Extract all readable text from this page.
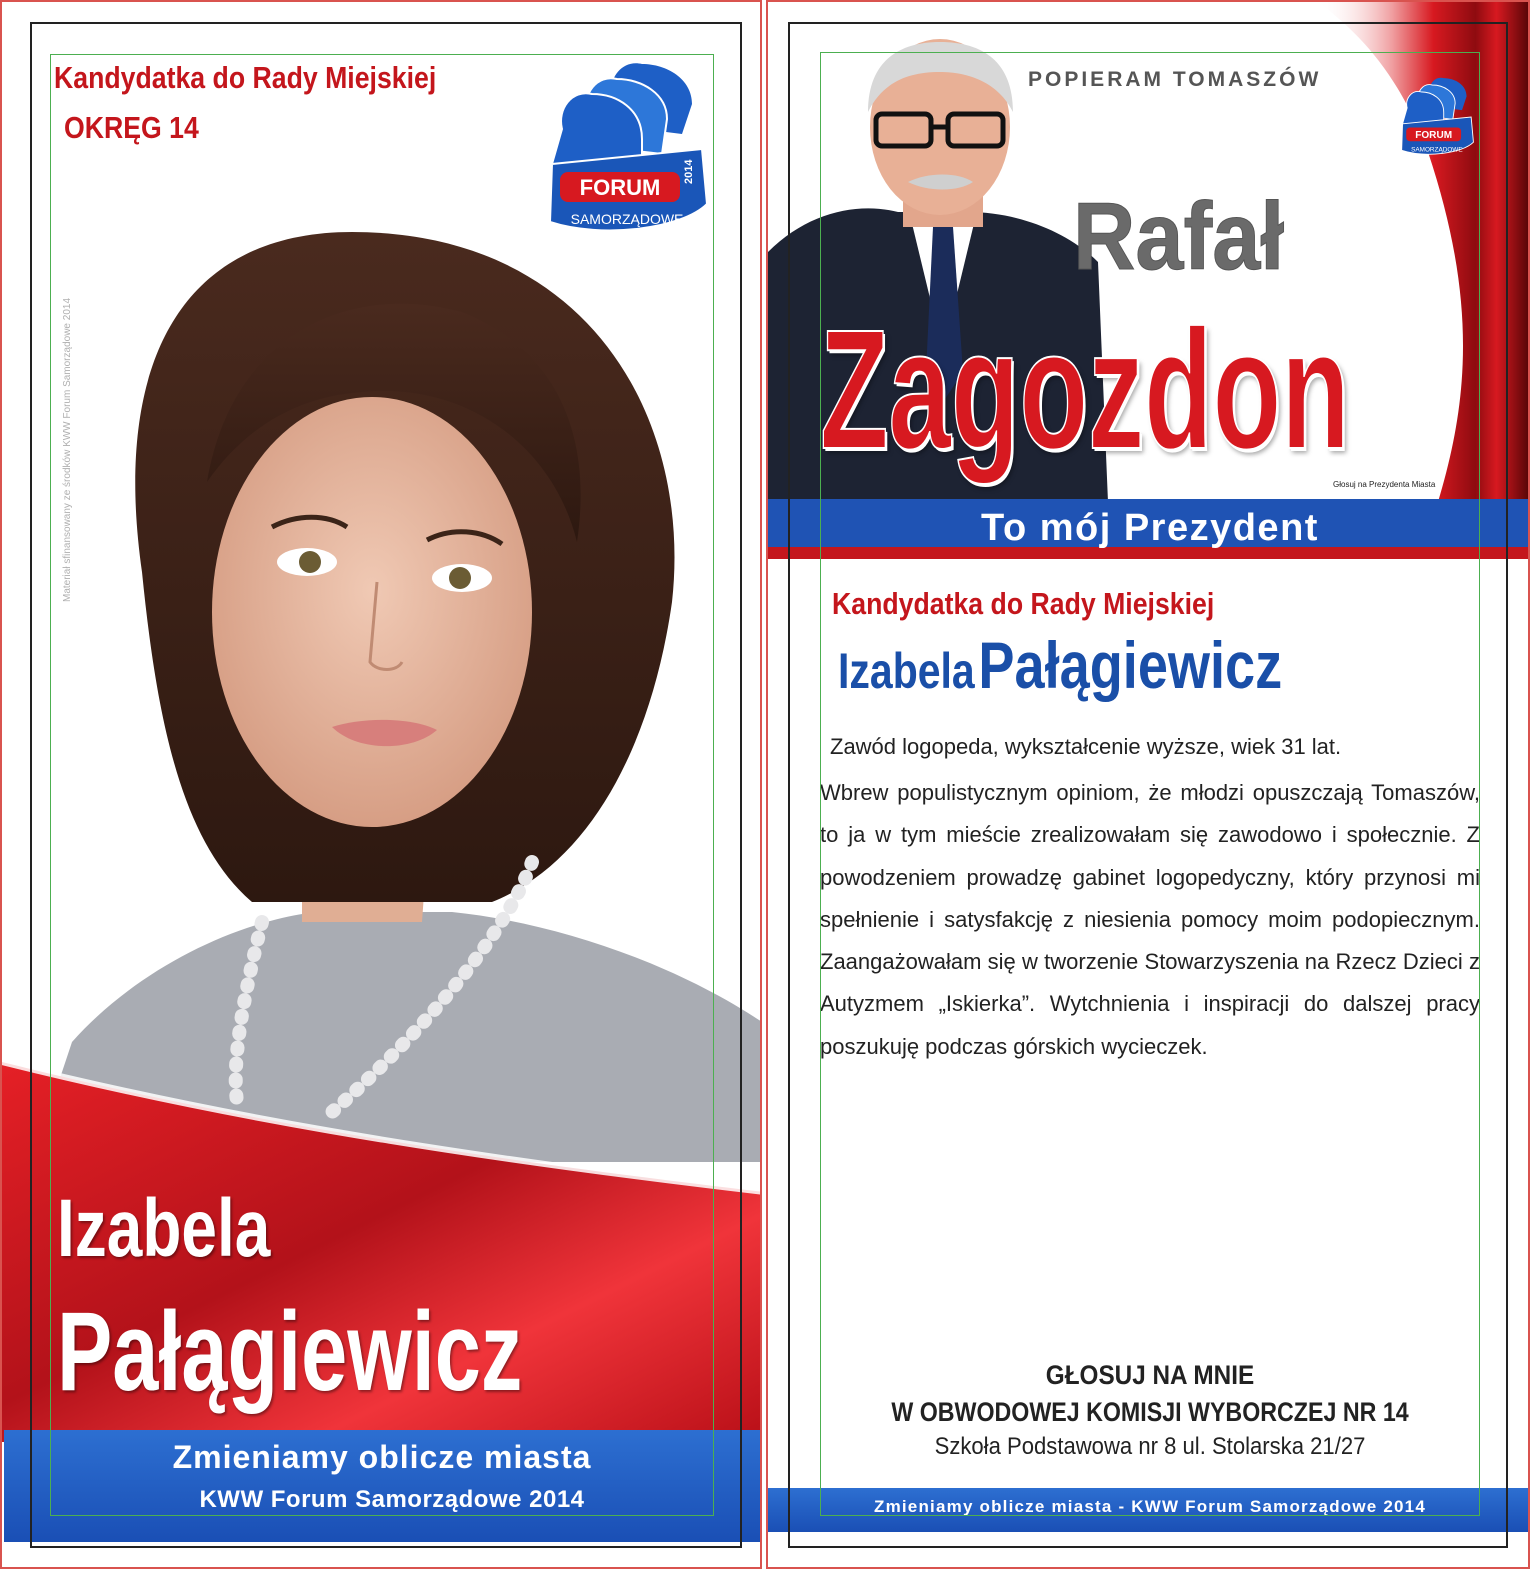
Kandydatka do Rady Miejskiej
OKRĘG 14
FORUM
SAMORZĄDOWE
2014
Materiał sfinansowany ze środków KWW Forum Samorządowe 2014
Izabela
Pałągiewicz
Zmieniamy oblicze miasta
KWW Forum Samorządowe 2014
POPIERAM TOMASZÓW
FORUM
SAMORZĄDOWE
Rafał
Zagozdon
Głosuj na Prezydenta Miasta
To mój Prezydent
Kandydatka do Rady Miejskiej
Izabela Pałągiewicz
Zawód logopeda, wykształcenie wyższe, wiek 31 lat.
Wbrew populistycznym opiniom, że młodzi opuszczają Tomaszów, to ja w tym mieście zrealizowałam się zawodowo i społecznie. Z powodzeniem prowadzę gabinet logopedyczny, który przynosi mi spełnienie i satysfakcję z niesienia pomocy moim podopiecznym. Zaangażowałam się w tworzenie Stowarzyszenia na Rzecz Dzieci z Autyzmem „Iskierka”. Wytchnienia i inspiracji do dalszej pracy poszukuję podczas górskich wycieczek.
GŁOSUJ NA MNIE
W OBWODOWEJ KOMISJI WYBORCZEJ NR 14
Szkoła Podstawowa nr 8 ul. Stolarska 21/27
Zmieniamy oblicze miasta - KWW Forum Samorządowe 2014
